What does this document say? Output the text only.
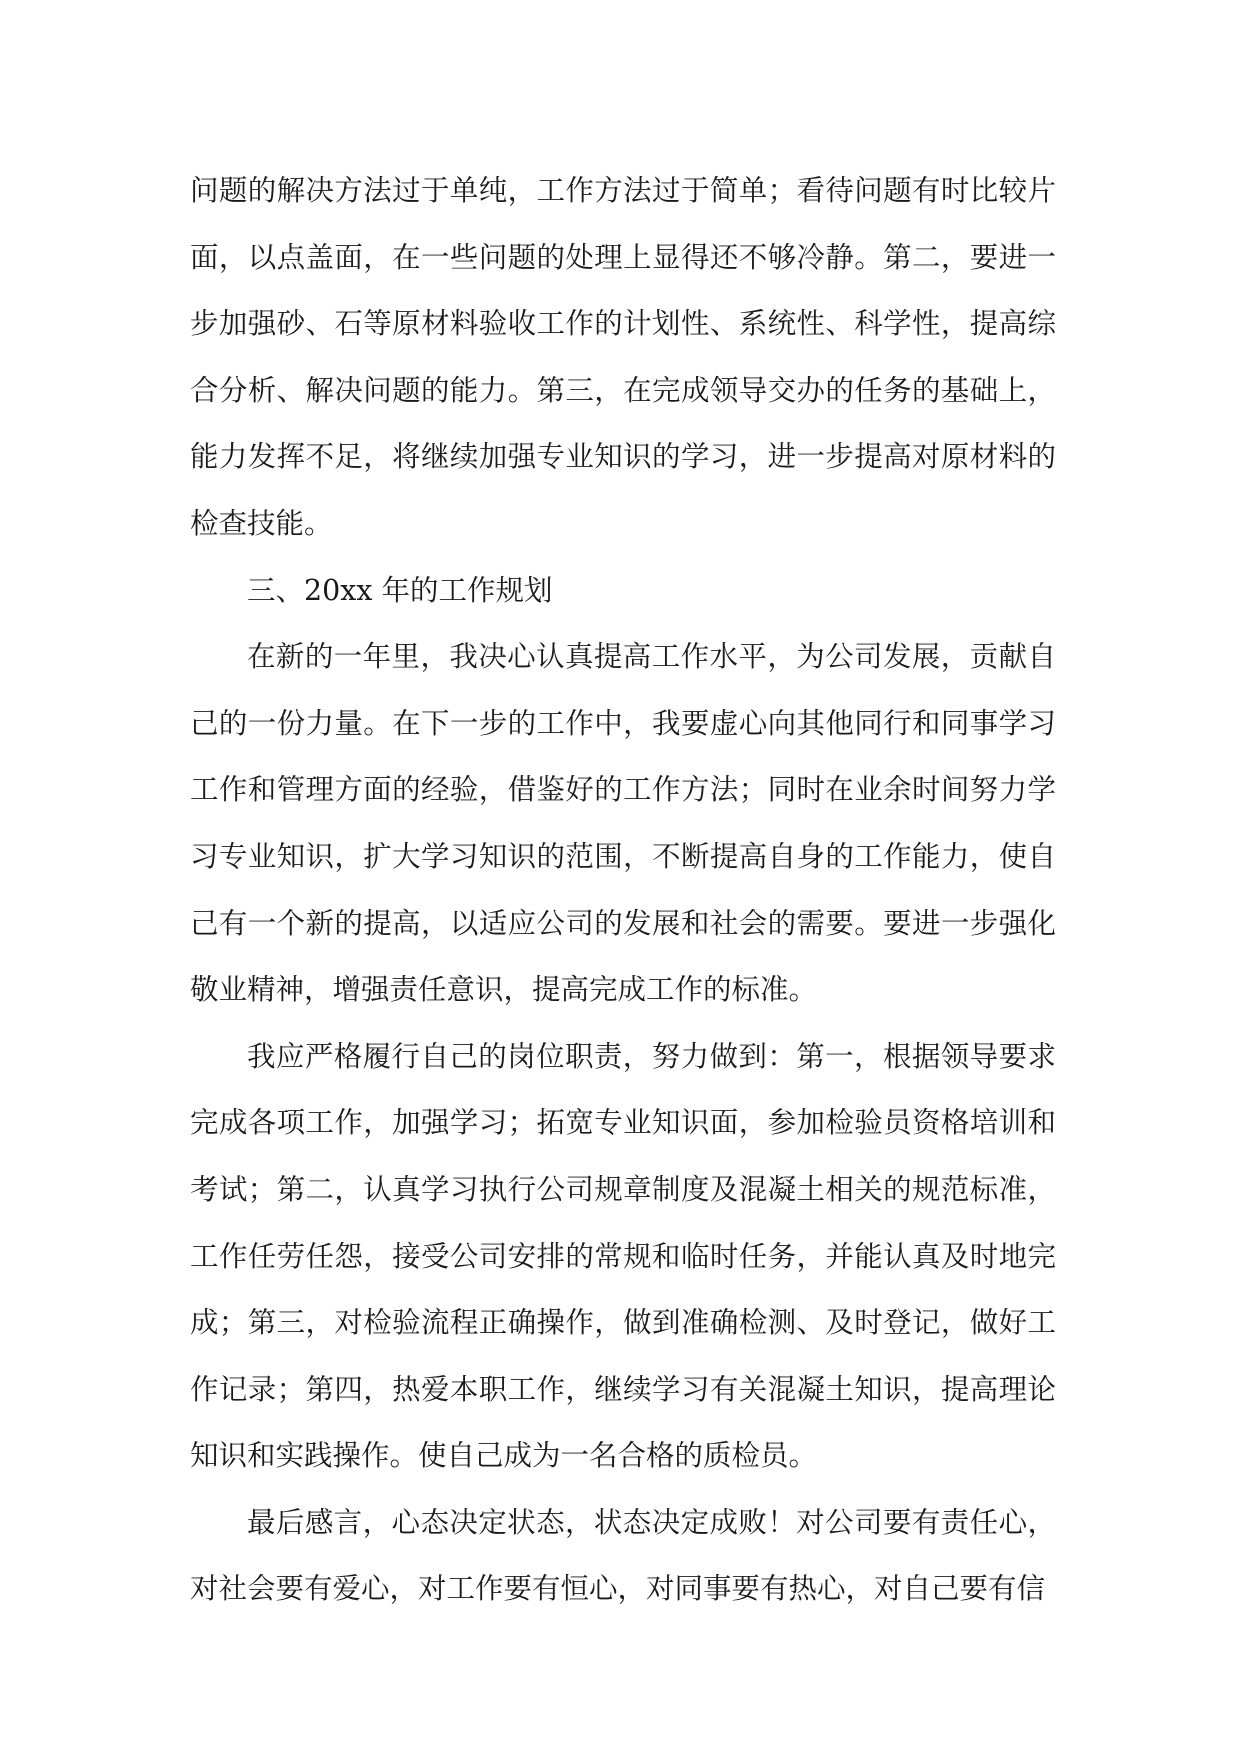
问题的解决方法过于单纯，工作方法过于简单；看待问题有时比较片面，以点盖面，在一些问题的处理上显得还不够冷静。第二，要进一步加强砂、石等原材料验收工作的计划性、系统性、科学性，提高综合分析、解决问题的能力。第三，在完成领导交办的任务的基础上，能力发挥不足，将继续加强专业知识的学习，进一步提高对原材料的检查技能。

三、20xx 年的工作规划

在新的一年里，我决心认真提高工作水平，为公司发展，贡献自己的一份力量。在下一步的工作中，我要虚心向其他同行和同事学习工作和管理方面的经验，借鉴好的工作方法；同时在业余时间努力学习专业知识，扩大学习知识的范围，不断提高自身的工作能力，使自己有一个新的提高，以适应公司的发展和社会的需要。要进一步强化敬业精神，增强责任意识，提高完成工作的标准。

我应严格履行自己的岗位职责，努力做到：第一，根据领导要求完成各项工作，加强学习；拓宽专业知识面，参加检验员资格培训和考试；第二，认真学习执行公司规章制度及混凝土相关的规范标准，工作任劳任怨，接受公司安排的常规和临时任务，并能认真及时地完成；第三，对检验流程正确操作，做到准确检测、及时登记，做好工作记录；第四，热爱本职工作，继续学习有关混凝土知识，提高理论知识和实践操作。使自己成为一名合格的质检员。

最后感言，心态决定状态，状态决定成败！对公司要有责任心，对社会要有爱心，对工作要有恒心，对同事要有热心，对自己要有信
